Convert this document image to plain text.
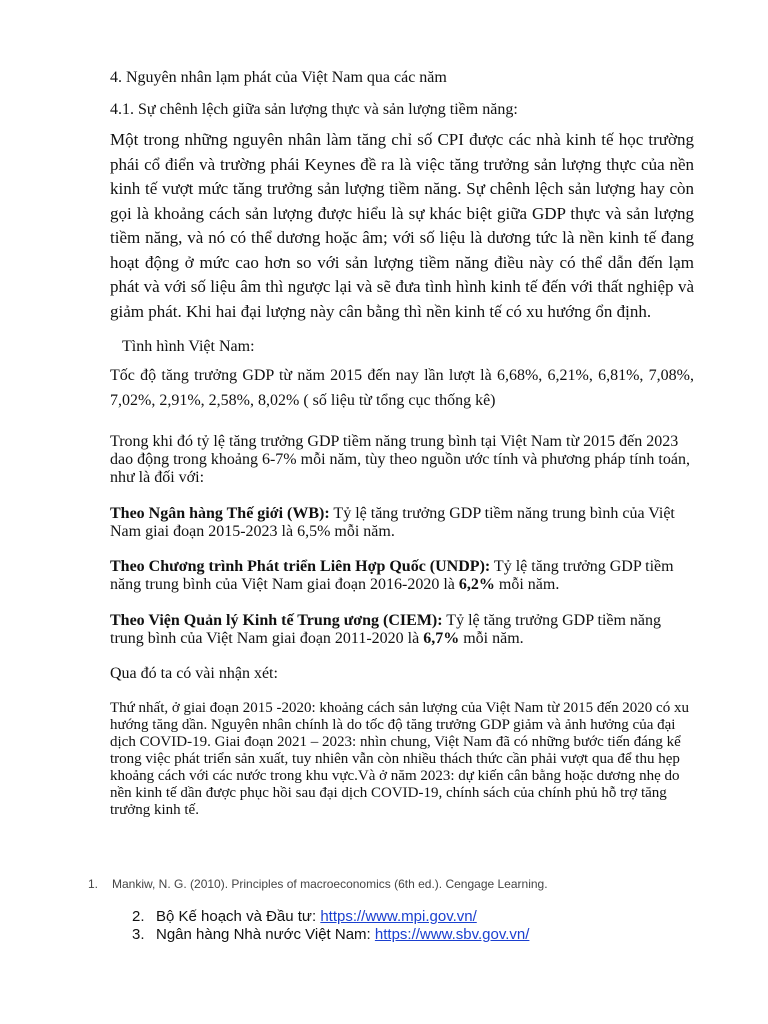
4. Nguyên nhân lạm phát của Việt Nam qua các năm

4.1. Sự chênh lệch giữa sản lượng thực và sản lượng tiềm năng:

Một trong những nguyên nhân làm tăng chỉ số CPI được các nhà kinh tế học trường phái cổ điển và trường phái Keynes đề ra là việc tăng trưởng sản lượng thực của nền kinh tế vượt mức tăng trưởng sản lượng tiềm năng. Sự chênh lệch sản lượng hay còn gọi là khoảng cách sản lượng được hiểu là sự khác biệt giữa GDP thực và sản lượng tiềm năng, và nó có thể dương hoặc âm; với số liệu là dương tức là nền kinh tế đang hoạt động ở mức cao hơn so với sản lượng tiềm năng điều này có thể dẫn đến lạm phát và với số liệu âm thì ngược lại và sẽ đưa tình hình kinh tế đến với thất nghiệp và giảm phát. Khi hai đại lượng này cân bằng thì nền kinh tế có xu hướng ổn định.

Tình hình Việt Nam:

Tốc độ tăng trưởng GDP từ năm 2015 đến nay lần lượt là 6,68%, 6,21%, 6,81%, 7,08%, 7,02%, 2,91%, 2,58%, 8,02% ( số liệu từ tổng cục thống kê)

Trong khi đó tỷ lệ tăng trưởng GDP tiềm năng trung bình tại Việt Nam từ 2015 đến 2023 dao động trong khoảng 6-7% mỗi năm, tùy theo nguồn ước tính và phương pháp tính toán, như là đối với:

Theo Ngân hàng Thế giới (WB): Tỷ lệ tăng trưởng GDP tiềm năng trung bình của Việt Nam giai đoạn 2015-2023 là 6,5% mỗi năm.

Theo Chương trình Phát triển Liên Hợp Quốc (UNDP): Tỷ lệ tăng trưởng GDP tiềm năng trung bình của Việt Nam giai đoạn 2016-2020 là 6,2% mỗi năm.

Theo Viện Quản lý Kinh tế Trung ương (CIEM): Tỷ lệ tăng trưởng GDP tiềm năng trung bình của Việt Nam giai đoạn 2011-2020 là 6,7% mỗi năm.

Qua đó ta có vài nhận xét:

Thứ nhất, ở giai đoạn 2015 -2020: khoảng cách sản lượng của Việt Nam từ 2015 đến 2020 có xu hướng tăng dần. Nguyên nhân chính là do tốc độ tăng trưởng GDP giảm và ảnh hưởng của đại dịch COVID-19. Giai đoạn 2021 – 2023: nhìn chung, Việt Nam đã có những bước tiến đáng kể trong việc phát triển sản xuất, tuy nhiên vẫn còn nhiều thách thức cần phải vượt qua để thu hẹp khoảng cách với các nước trong khu vực.Và ở năm 2023: dự kiến cân bằng hoặc dương nhẹ do nền kinh tế dần được phục hồi sau đại dịch COVID-19, chính sách của chính phủ hỗ trợ tăng trưởng kinh tế.

1. Mankiw, N. G. (2010). Principles of macroeconomics (6th ed.). Cengage Learning.

2. Bộ Kế hoạch và Đầu tư: https://www.mpi.gov.vn/

3. Ngân hàng Nhà nước Việt Nam: https://www.sbv.gov.vn/
